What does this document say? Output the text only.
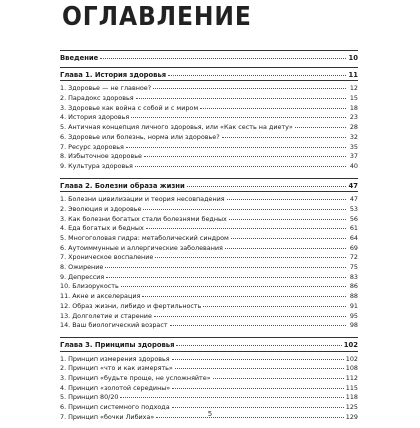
ОГЛАВЛЕНИЕ
Введение	10
Глава 1. История здоровья	11
1. Здоровье — не главное?	12
2. Парадокс здоровья	15
3. Здоровье как война с собой и с миром	18
4. История здоровья	23
5. Античная концепция личного здоровья, или «Как сесть на диету»	28
6. Здоровье или болезнь, норма или здоровье?	32
7. Ресурс здоровья	35
8. Избыточное здоровье	37
9. Культура здоровья	40
Глава 2. Болезни образа жизни	47
1. Болезни цивилизации и теория несовпадения	47
2. Эволюция и здоровье	53
3. Как болезни богатых стали болезнями бедных	56
4. Еда богатых и бедных	61
5. Многоголовая гидра: метаболический синдром	64
6. Аутоиммунные и аллергические заболевания	69
7. Хроническое воспаление	72
8. Ожирение	75
9. Депрессия	83
10. Близорукость	86
11. Акне и акселерация	88
12. Образ жизни, либидо и фертильность	91
13. Долголетие и старение	95
14. Ваш биологический возраст	98
Глава 3. Принципы здоровья	102
1. Принцип измерения здоровья	102
2. Принцип «что и как измерять»	108
3. Принцип «будьте проще, не усложняйте»	112
4. Принцип «золотой середины»	115
5. Принцип 80/20	118
6. Принцип системного подхода	125
7. Принцип «бочки Либиха»	129
5
